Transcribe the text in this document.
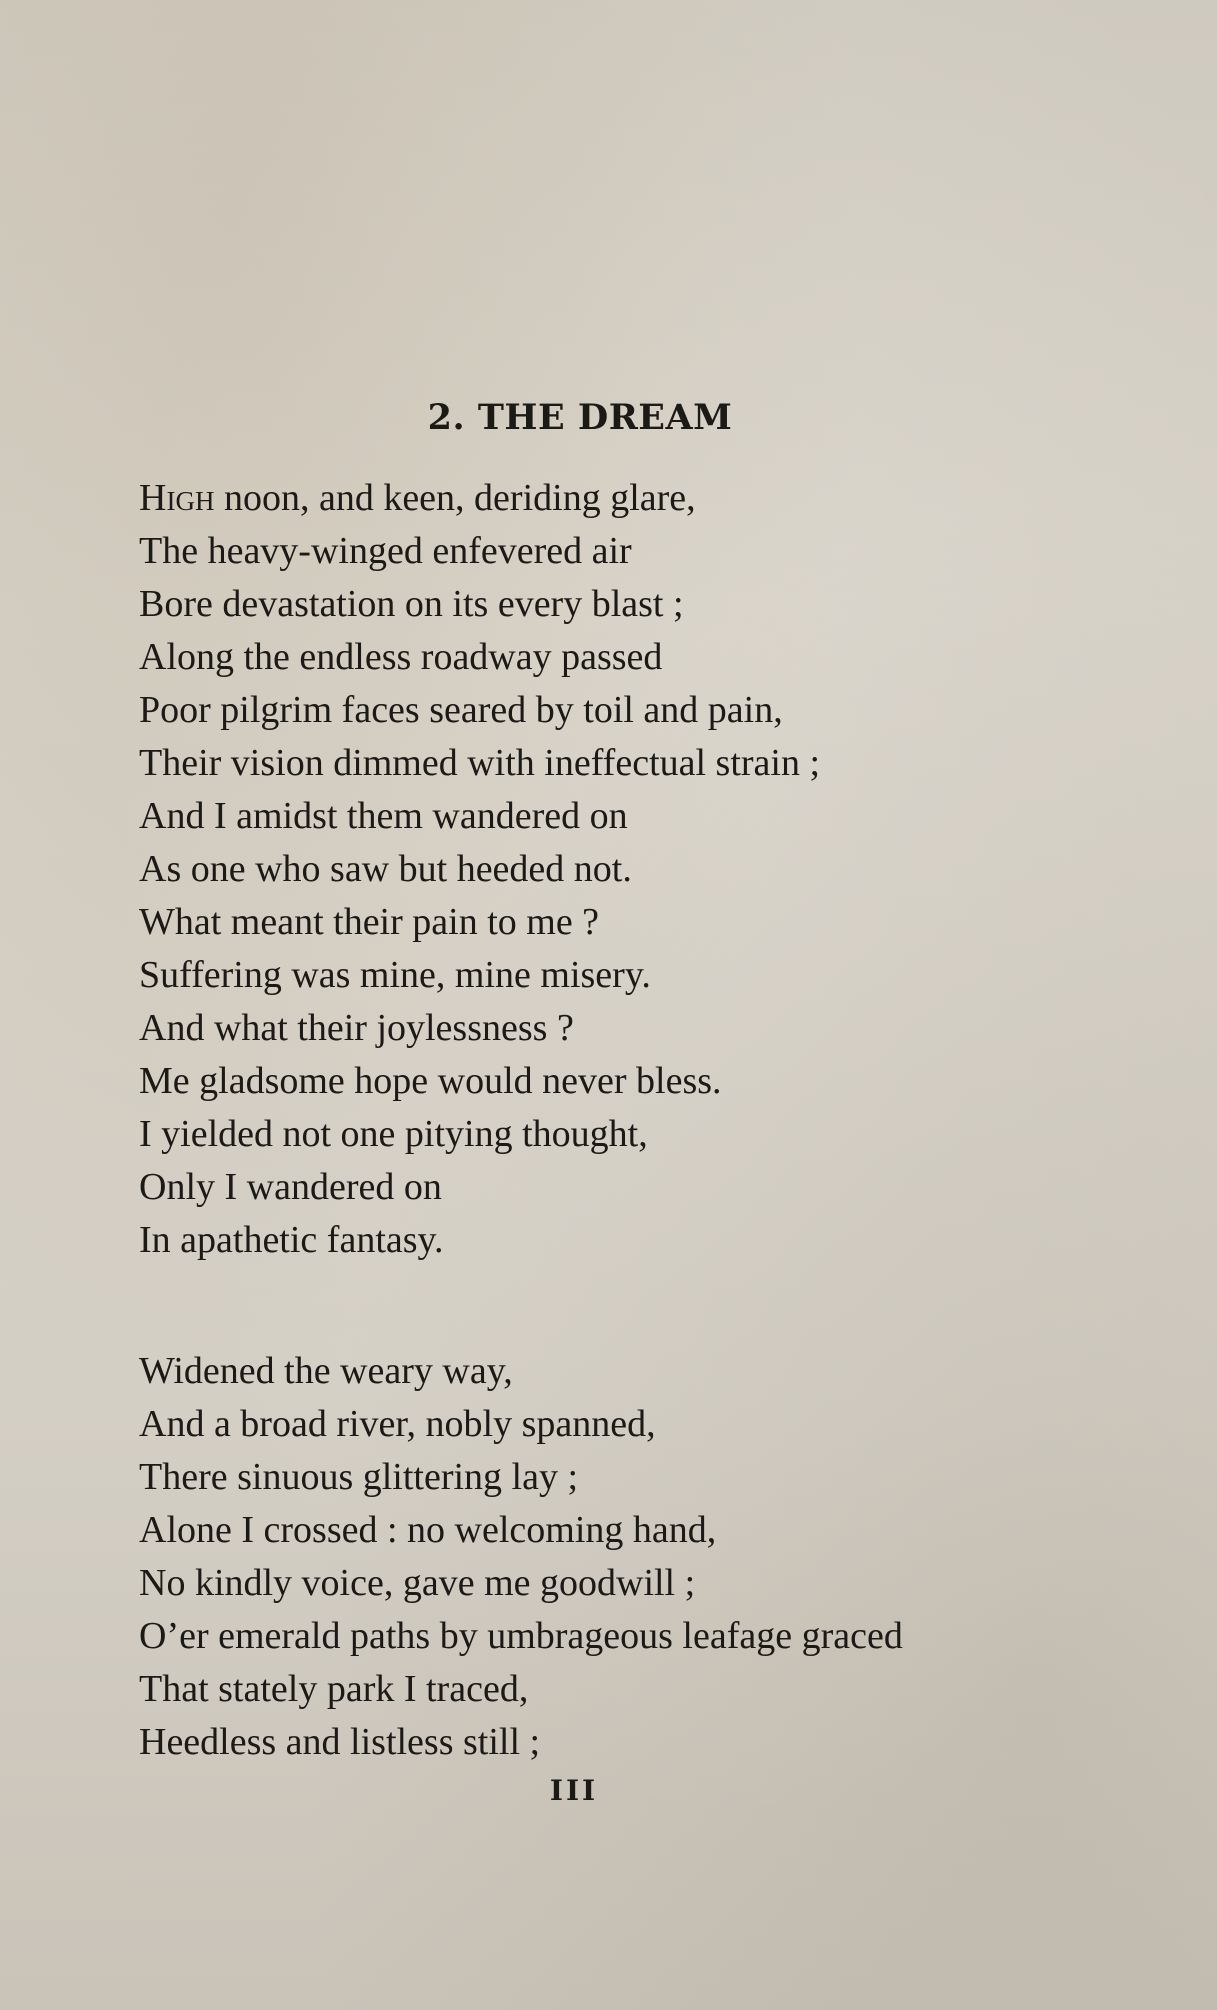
2. THE DREAM
High noon, and keen, deriding glare,
The heavy-winged enfevered air
Bore devastation on its every blast ;
Along the endless roadway passed
Poor pilgrim faces seared by toil and pain,
Their vision dimmed with ineffectual strain ;
And I amidst them wandered on
As one who saw but heeded not.
What meant their pain to me ?
Suffering was mine, mine misery.
And what their joylessness ?
Me gladsome hope would never bless.
I yielded not one pitying thought,
Only I wandered on
In apathetic fantasy.
Widened the weary way,
And a broad river, nobly spanned,
There sinuous glittering lay ;
Alone I crossed : no welcoming hand,
No kindly voice, gave me goodwill ;
O’er emerald paths by umbrageous leafage graced
That stately park I traced,
Heedless and listless still ;
III
